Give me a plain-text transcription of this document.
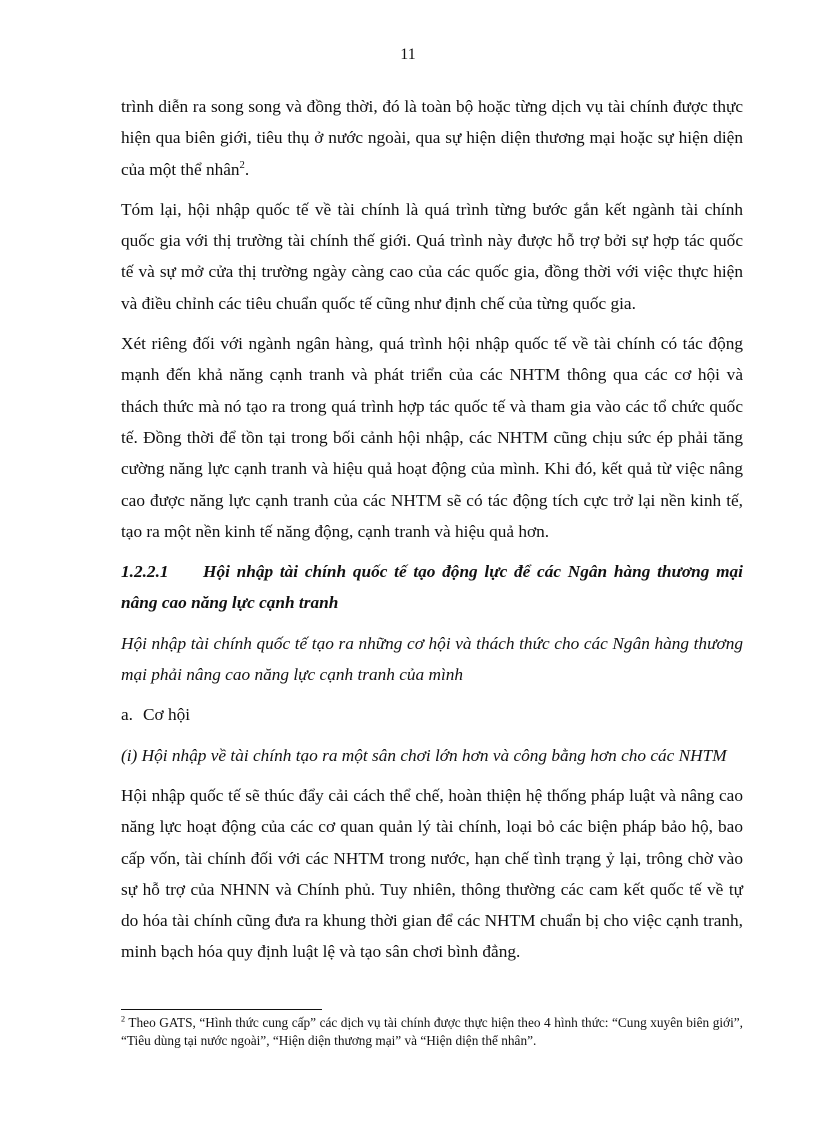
11

trình diễn ra song song và đồng thời, đó là toàn bộ hoặc từng dịch vụ tài chính được thực hiện qua biên giới, tiêu thụ ở nước ngoài, qua sự hiện diện thương mại hoặc sự hiện diện của một thể nhân$^2$.

Tóm lại, hội nhập quốc tế về tài chính là quá trình từng bước gắn kết ngành tài chính quốc gia với thị trường tài chính thế giới. Quá trình này được hỗ trợ bởi sự hợp tác quốc tế và sự mở cửa thị trường ngày càng cao của các quốc gia, đồng thời với việc thực hiện và điều chỉnh các tiêu chuẩn quốc tế cũng như định chế của từng quốc gia.

Xét riêng đối với ngành ngân hàng, quá trình hội nhập quốc tế về tài chính có tác động mạnh đến khả năng cạnh tranh và phát triển của các NHTM thông qua các cơ hội và thách thức mà nó tạo ra trong quá trình hợp tác quốc tế và tham gia vào các tổ chức quốc tế. Đồng thời để tồn tại trong bối cảnh hội nhập, các NHTM cũng chịu sức ép phải tăng cường năng lực cạnh tranh và hiệu quả hoạt động của mình. Khi đó, kết quả từ việc nâng cao được năng lực cạnh tranh của các NHTM sẽ có tác động tích cực trở lại nền kinh tế, tạo ra một nền kinh tế năng động, cạnh tranh và hiệu quả hơn.

1.2.2.1 Hội nhập tài chính quốc tế tạo động lực để các Ngân hàng thương mại nâng cao năng lực cạnh tranh

Hội nhập tài chính quốc tế tạo ra những cơ hội và thách thức cho các Ngân hàng thương mại phải nâng cao năng lực cạnh tranh của mình

a. Cơ hội

(i) Hội nhập về tài chính tạo ra một sân chơi lớn hơn và công bằng hơn cho các NHTM

Hội nhập quốc tế sẽ thúc đẩy cải cách thể chế, hoàn thiện hệ thống pháp luật và nâng cao năng lực hoạt động của các cơ quan quản lý tài chính, loại bỏ các biện pháp bảo hộ, bao cấp vốn, tài chính đối với các NHTM trong nước, hạn chế tình trạng ỷ lại, trông chờ vào sự hỗ trợ của NHNN và Chính phủ. Tuy nhiên, thông thường các cam kết quốc tế về tự do hóa tài chính cũng đưa ra khung thời gian để các NHTM chuẩn bị cho việc cạnh tranh, minh bạch hóa quy định luật lệ và tạo sân chơi bình đẳng.

$^2$ Theo GATS, “Hình thức cung cấp” các dịch vụ tài chính được thực hiện theo 4 hình thức: “Cung xuyên biên giới”, “Tiêu dùng tại nước ngoài”, “Hiện diện thương mại” và “Hiện diện thể nhân”.
